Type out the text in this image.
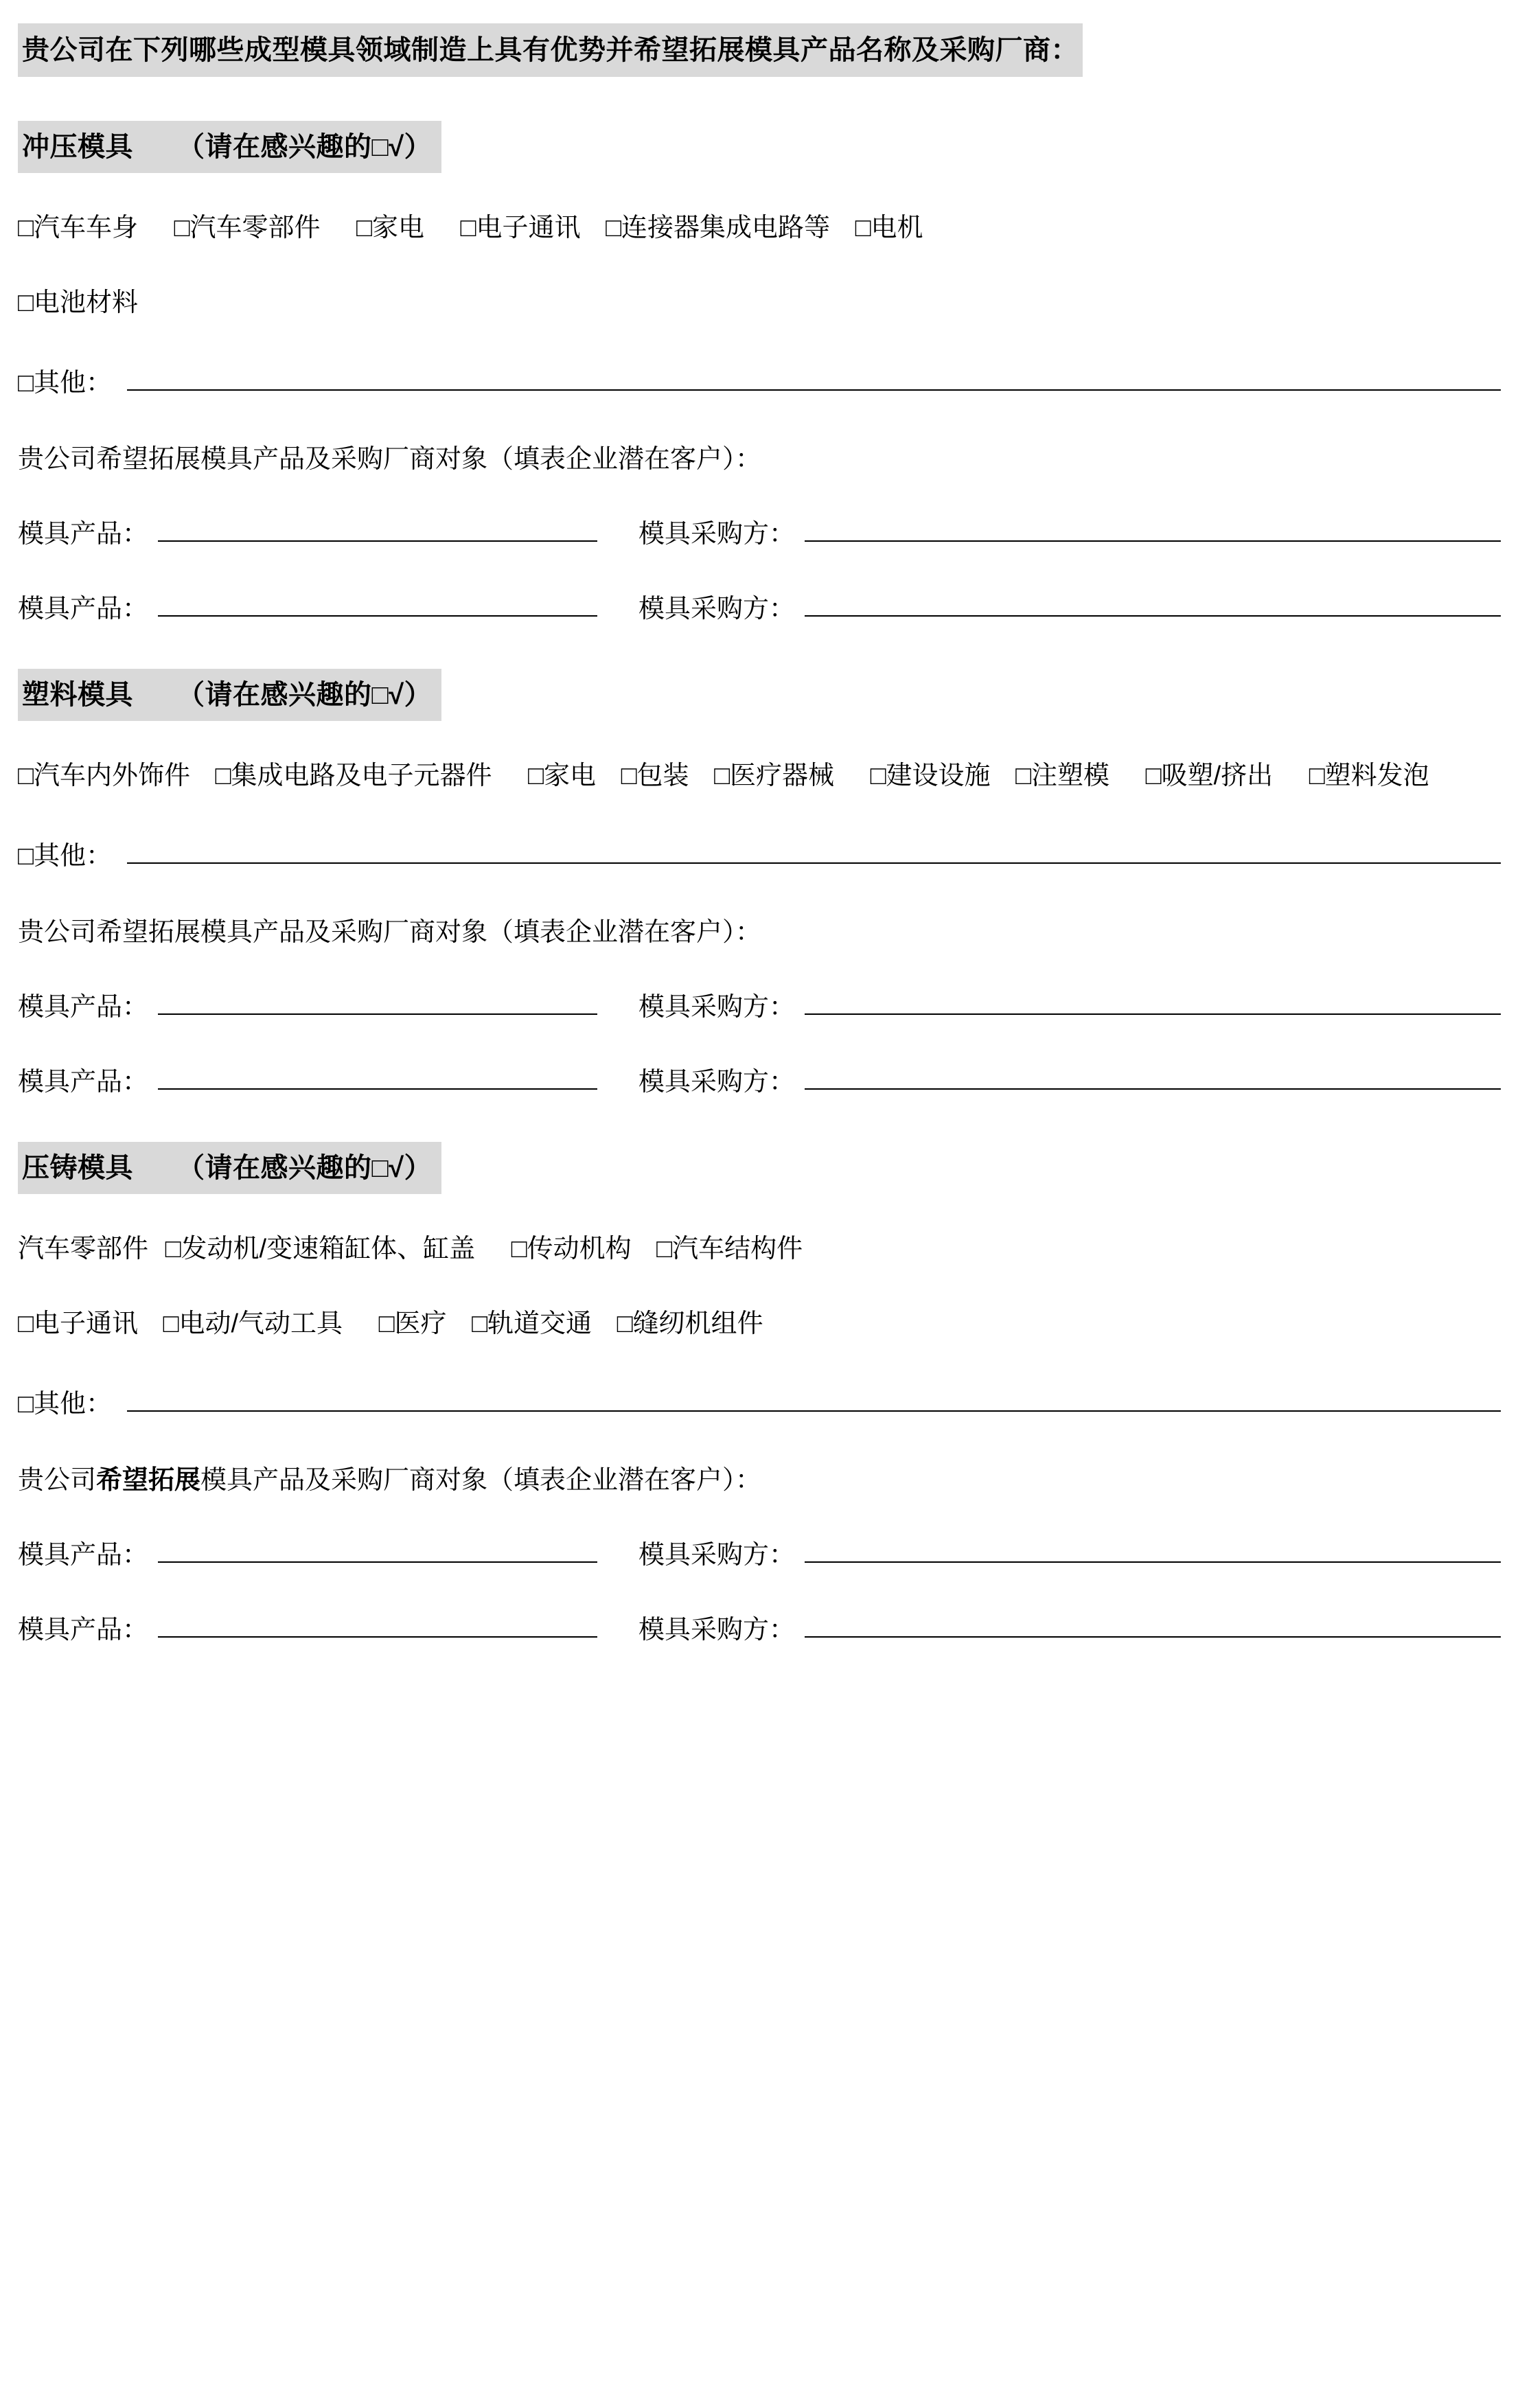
贵公司在下列哪些成型模具领域制造上具有优势并希望拓展模具产品名称及采购厂商： 冲压模具 （请在感兴趣的□√）
□汽车车身 □汽车零部件 □家电 □电子通讯 □连接器集成电路等 □电机
□电池材料
□其他：
贵公司希望拓展模具产品及采购厂商对象（填表企业潜在客户）：
模具产品：	模具采购方：
模具产品：	模具采购方：
塑料模具 （请在感兴趣的□√）
□汽车内外饰件 □集成电路及电子元器件 □家电 □包装 □医疗器械 □建设设施 □注塑模 □吸塑/挤出 □塑料发泡
□其他：
贵公司希望拓展模具产品及采购厂商对象（填表企业潜在客户）：
模具产品：	模具采购方：
模具产品：	模具采购方：
压铸模具 （请在感兴趣的□√）
汽车零部件 □发动机/变速箱缸体、缸盖 □传动机构 □汽车结构件
□电子通讯 □电动/气动工具 □医疗 □轨道交通 □缝纫机组件
□其他：
贵公司希望拓展模具产品及采购厂商对象（填表企业潜在客户）：
模具产品：	模具采购方：
模具产品：	模具采购方：
